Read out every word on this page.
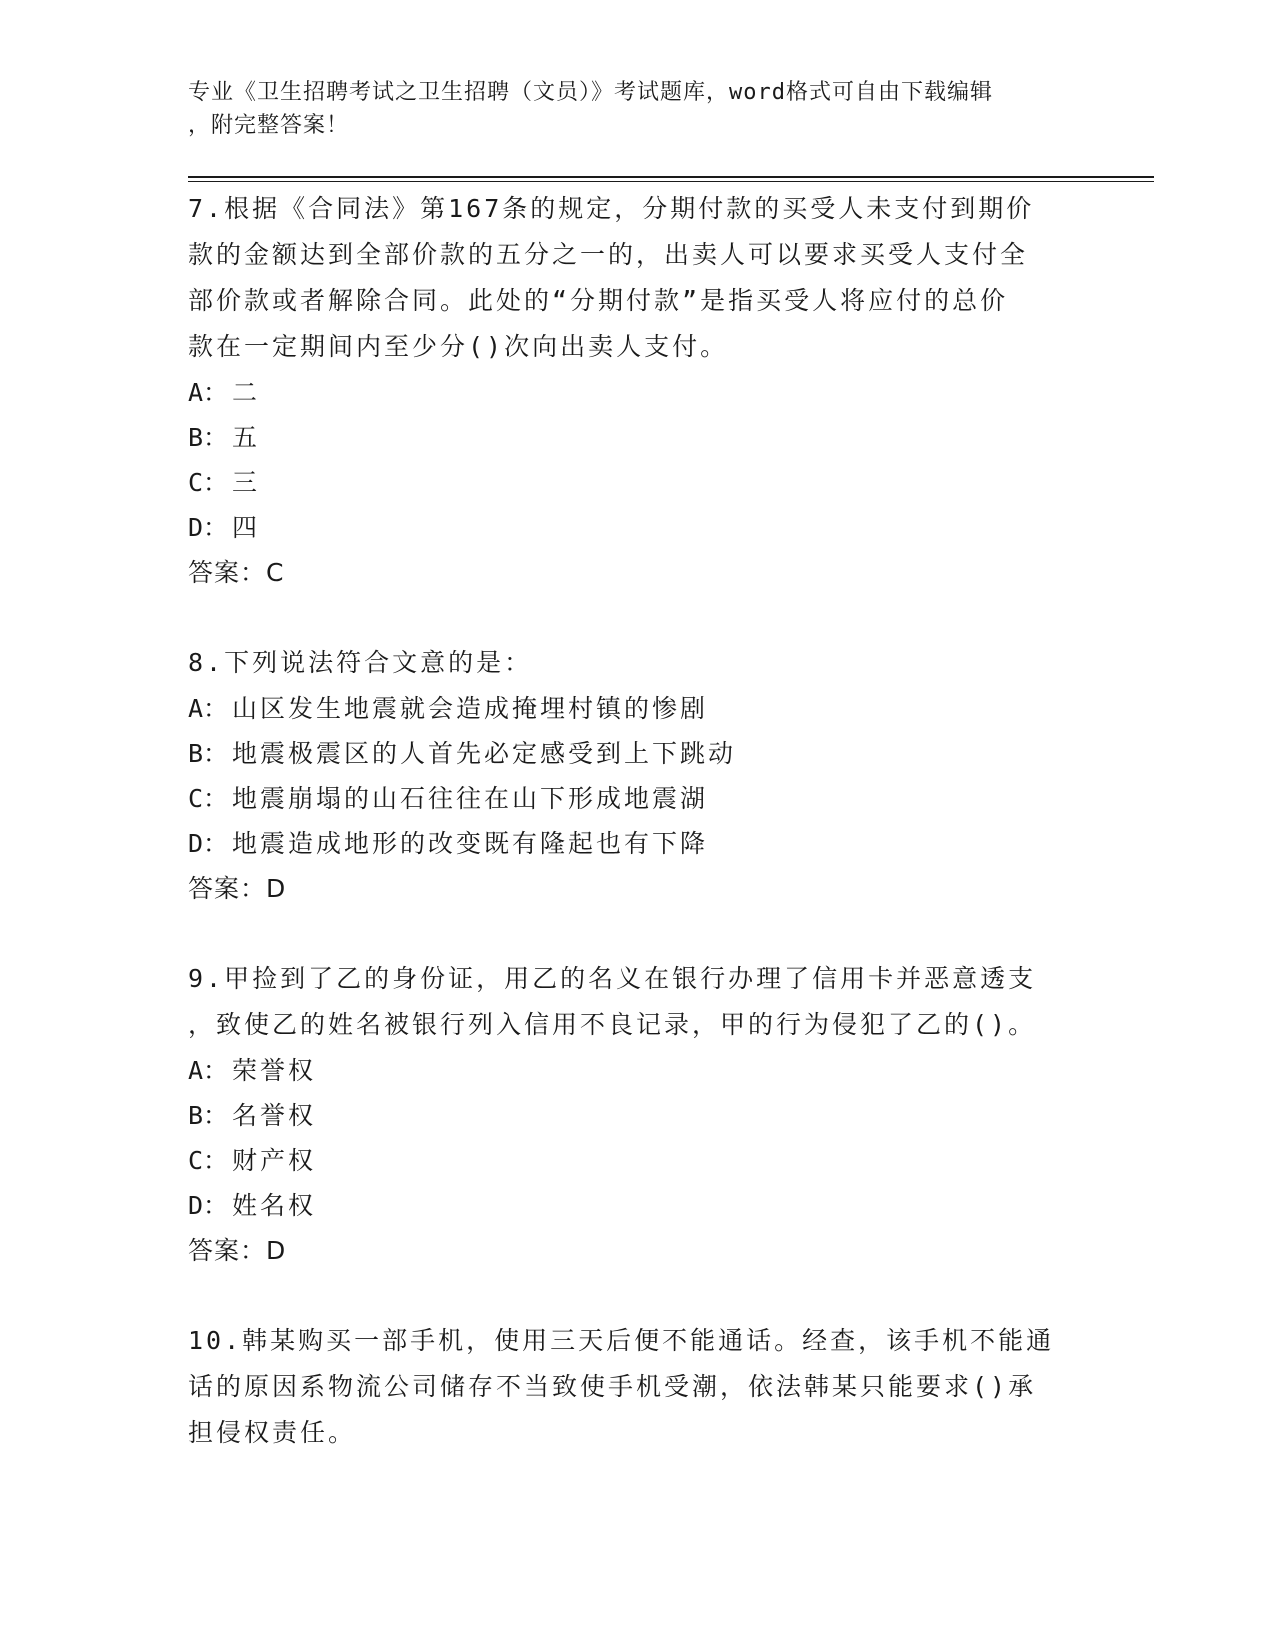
专业《卫生招聘考试之卫生招聘（文员）》考试题库，word格式可自由下载编辑
，附完整答案！
7.根据《合同法》第167条的规定，分期付款的买受人未支付到期价
款的金额达到全部价款的五分之一的，出卖人可以要求买受人支付全
部价款或者解除合同。此处的“分期付款”是指买受人将应付的总价
款在一定期间内至少分()次向出卖人支付。
A： 二
B： 五
C： 三
D： 四
答案：C
8.下列说法符合文意的是：
A： 山区发生地震就会造成掩埋村镇的惨剧
B： 地震极震区的人首先必定感受到上下跳动
C： 地震崩塌的山石往往在山下形成地震湖
D： 地震造成地形的改变既有隆起也有下降
答案：D
9.甲捡到了乙的身份证，用乙的名义在银行办理了信用卡并恶意透支
，致使乙的姓名被银行列入信用不良记录，甲的行为侵犯了乙的()。
A： 荣誉权
B： 名誉权
C： 财产权
D： 姓名权
答案：D
10.韩某购买一部手机，使用三天后便不能通话。经查，该手机不能通
话的原因系物流公司储存不当致使手机受潮，依法韩某只能要求()承
担侵权责任。
